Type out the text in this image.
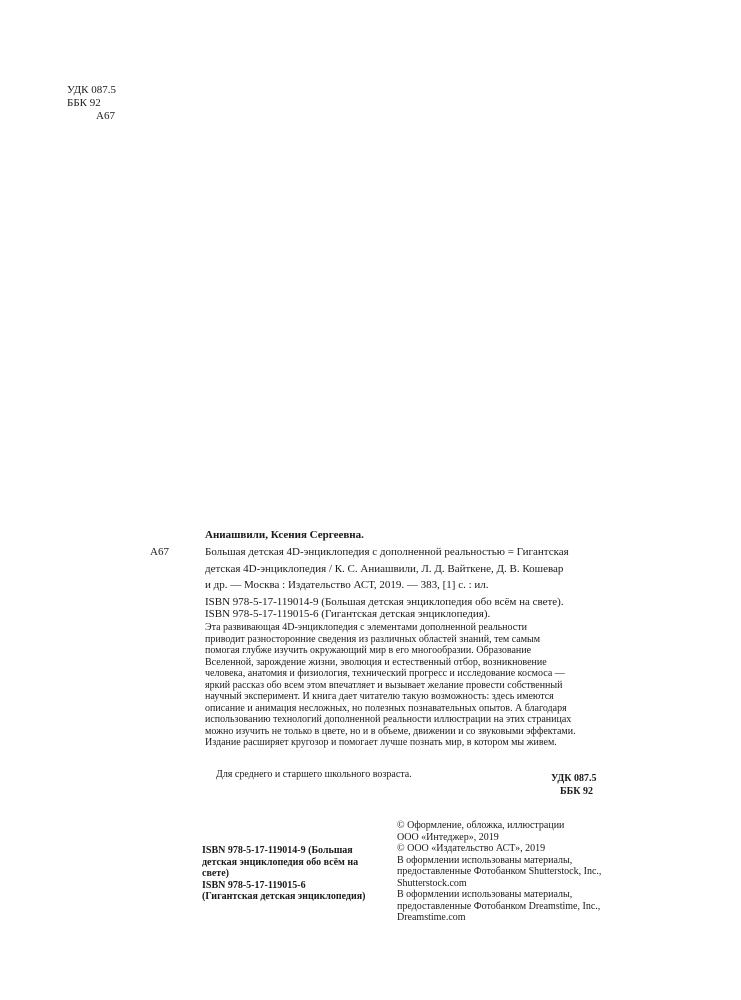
УДК 087.5
ББК 92
А67
Аниашвили, Ксения Сергеевна.
А67	Большая детская 4D-энциклопедия с дополненной реальностью = Гигантская
детская 4D-энциклопедия / К. С. Аниашвили, Л. Д. Вайткене, Д. В. Кошевар
и др. — Москва : Издательство АСТ, 2019. — 383, [1] с. : ил.
ISBN 978-5-17-119014-9 (Большая детская энциклопедия обо всём на свете).
ISBN 978-5-17-119015-6 (Гигантская детская энциклопедия).
Эта развивающая 4D-энциклопедия с элементами дополненной реальности
приводит разносторонние сведения из различных областей знаний, тем самым
помогая глубже изучить окружающий мир в его многообразии. Образование
Вселенной, зарождение жизни, эволюция и естественный отбор, возникновение
человека, анатомия и физиология, технический прогресс и исследование космоса —
яркий рассказ обо всем этом впечатляет и вызывает желание провести собственный
научный эксперимент. И книга дает читателю такую возможность: здесь имеются
описание и анимация несложных, но полезных познавательных опытов. А благодаря
использованию технологий дополненной реальности иллюстрации на этих страницах
можно изучить не только в цвете, но и в объеме, движении и со звуковыми эффектами.
Издание расширяет кругозор и помогает лучше познать мир, в котором мы живем.
Для среднего и старшего школьного возраста.	УДК 087.5
ББК 92
ISBN 978-5-17-119014-9 (Большая
детская энциклопедия обо всём на
свете)
ISBN 978-5-17-119015-6
(Гигантская детская энциклопедия)
© Оформление, обложка, иллюстрации
ООО «Интеджер», 2019
© ООО «Издательство АСТ», 2019
В оформлении использованы материалы,
предоставленные Фотобанком Shutterstock, Inc.,
Shutterstock.com
В оформлении использованы материалы,
предоставленные Фотобанком Dreamstime, Inc.,
Dreamstime.com
